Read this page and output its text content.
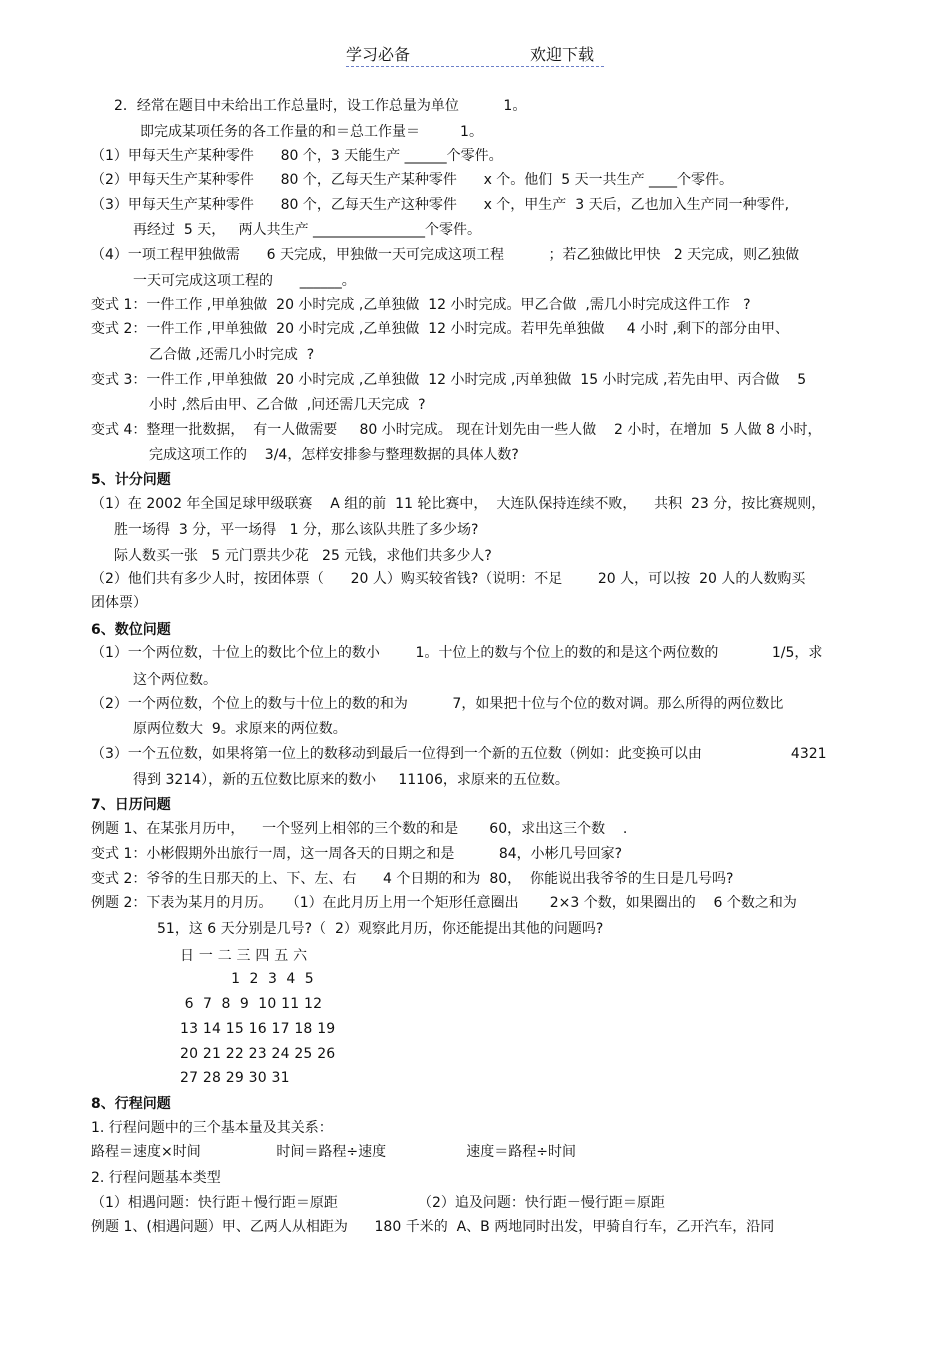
学习必备	欢迎下载
2．经常在题目中未给出工作总量时，设工作总量为单位          1。
即完成某项任务的各工作量的和＝总工作量＝         1。
（1）甲每天生产某种零件      80 个，3 天能生产 ______个零件。
（2）甲每天生产某种零件      80 个，乙每天生产某种零件      x 个。他们  5 天一共生产 ____个零件。
（3）甲每天生产某种零件      80 个，乙每天生产这种零件      x 个，甲生产  3 天后，乙也加入生产同一种零件,
再经过  5 天，   两人共生产 ________________个零件。
（4）一项工程甲独做需      6 天完成，甲独做一天可完成这项工程          ；若乙独做比甲快   2 天完成，则乙独做
一天可完成这项工程的      ______。
变式 1：一件工作 ,甲单独做  20 小时完成 ,乙单独做  12 小时完成。甲乙合做  ,需几小时完成这件工作   ?
变式 2：一件工作 ,甲单独做  20 小时完成 ,乙单独做  12 小时完成。若甲先单独做     4 小时 ,剩下的部分由甲、
乙合做 ,还需几小时完成  ?
变式 3：一件工作 ,甲单独做  20 小时完成 ,乙单独做  12 小时完成 ,丙单独做  15 小时完成 ,若先由甲、丙合做    5
小时 ,然后由甲、乙合做  ,问还需几天完成  ?
变式 4：整理一批数据，  有一人做需要     80 小时完成。 现在计划先由一些人做    2 小时，在增加  5 人做 8 小时，
完成这项工作的    3/4，怎样安排参与整理数据的具体人数?
5、计分问题
（1）在 2002 年全国足球甲级联赛    A 组的前  11 轮比赛中，  大连队保持连续不败，    共积  23 分，按比赛规则，
胜一场得  3 分，平一场得   1 分，那么该队共胜了多少场?
际人数买一张   5 元门票共少花   25 元钱，求他们共多少人?
（2）他们共有多少人时，按团体票（      20 人）购买较省钱?（说明：不足        20 人，可以按  20 人的人数购买
团体票）
6、数位问题
（1）一个两位数，十位上的数比个位上的数小        1。十位上的数与个位上的数的和是这个两位数的            1/5，求
这个两位数。
（2）一个两位数，个位上的数与十位上的数的和为          7，如果把十位与个位的数对调。那么所得的两位数比
原两位数大  9。求原来的两位数。
（3）一个五位数，如果将第一位上的数移动到最后一位得到一个新的五位数（例如：此变换可以由                    4321
得到 3214），新的五位数比原来的数小     11106，求原来的五位数。
7、日历问题
例题 1、在某张月历中，    一个竖列上相邻的三个数的和是       60，求出这三个数    .
变式 1：小彬假期外出旅行一周，这一周各天的日期之和是          84，小彬几号回家?
变式 2：爷爷的生日那天的上、下、左、右      4 个日期的和为  80，  你能说出我爷爷的生日是几号吗?
例题 2：下表为某月的月历。   （1）在此月历上用一个矩形任意圈出       2×3 个数，如果圈出的    6 个数之和为
51，这 6 天分别是几号?（  2）观察此月历，你还能提出其他的问题吗?
日 一 二 三 四 五 六
1  2  3  4  5
6  7  8  9  10 11 12
13 14 15 16 17 18 19
20 21 22 23 24 25 26
27 28 29 30 31
8、行程问题
1. 行程问题中的三个基本量及其关系：
路程＝速度×时间                 时间＝路程÷速度                  速度＝路程÷时间
2. 行程问题基本类型
（1）相遇问题：快行距＋慢行距＝原距                  （2）追及问题：快行距－慢行距＝原距
例题 1、(相遇问题）甲、乙两人从相距为      180 千米的  A、B 两地同时出发，甲骑自行车，乙开汽车，沿同
